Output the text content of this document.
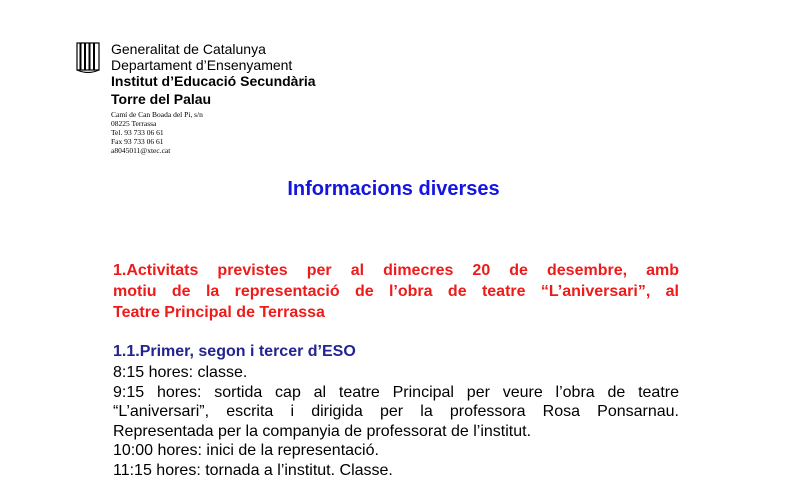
Generalitat de Catalunya
Departament d’Ensenyament
Institut d’Educació Secundària
Torre del Palau
Camí de Can Boada del Pi, s/n
08225 Terrassa
Tel. 93 733 06 61
Fax 93 733 06 61
a8045011@xtec.cat
Informacions diverses
1.Activitats previstes per al dimecres 20 de desembre, amb
motiu de la representació de l’obra de teatre “L’aniversari”, al
Teatre Principal de Terrassa
1.1.Primer, segon i tercer d’ESO
8:15 hores: classe.
9:15 hores: sortida cap al teatre Principal per veure l’obra de teatre
“L’aniversari”, escrita i dirigida per la professora Rosa Ponsarnau.
Representada per la companyia de professorat de l’institut.
10:00 hores: inici de la representació.
11:15 hores: tornada a l’institut. Classe.
